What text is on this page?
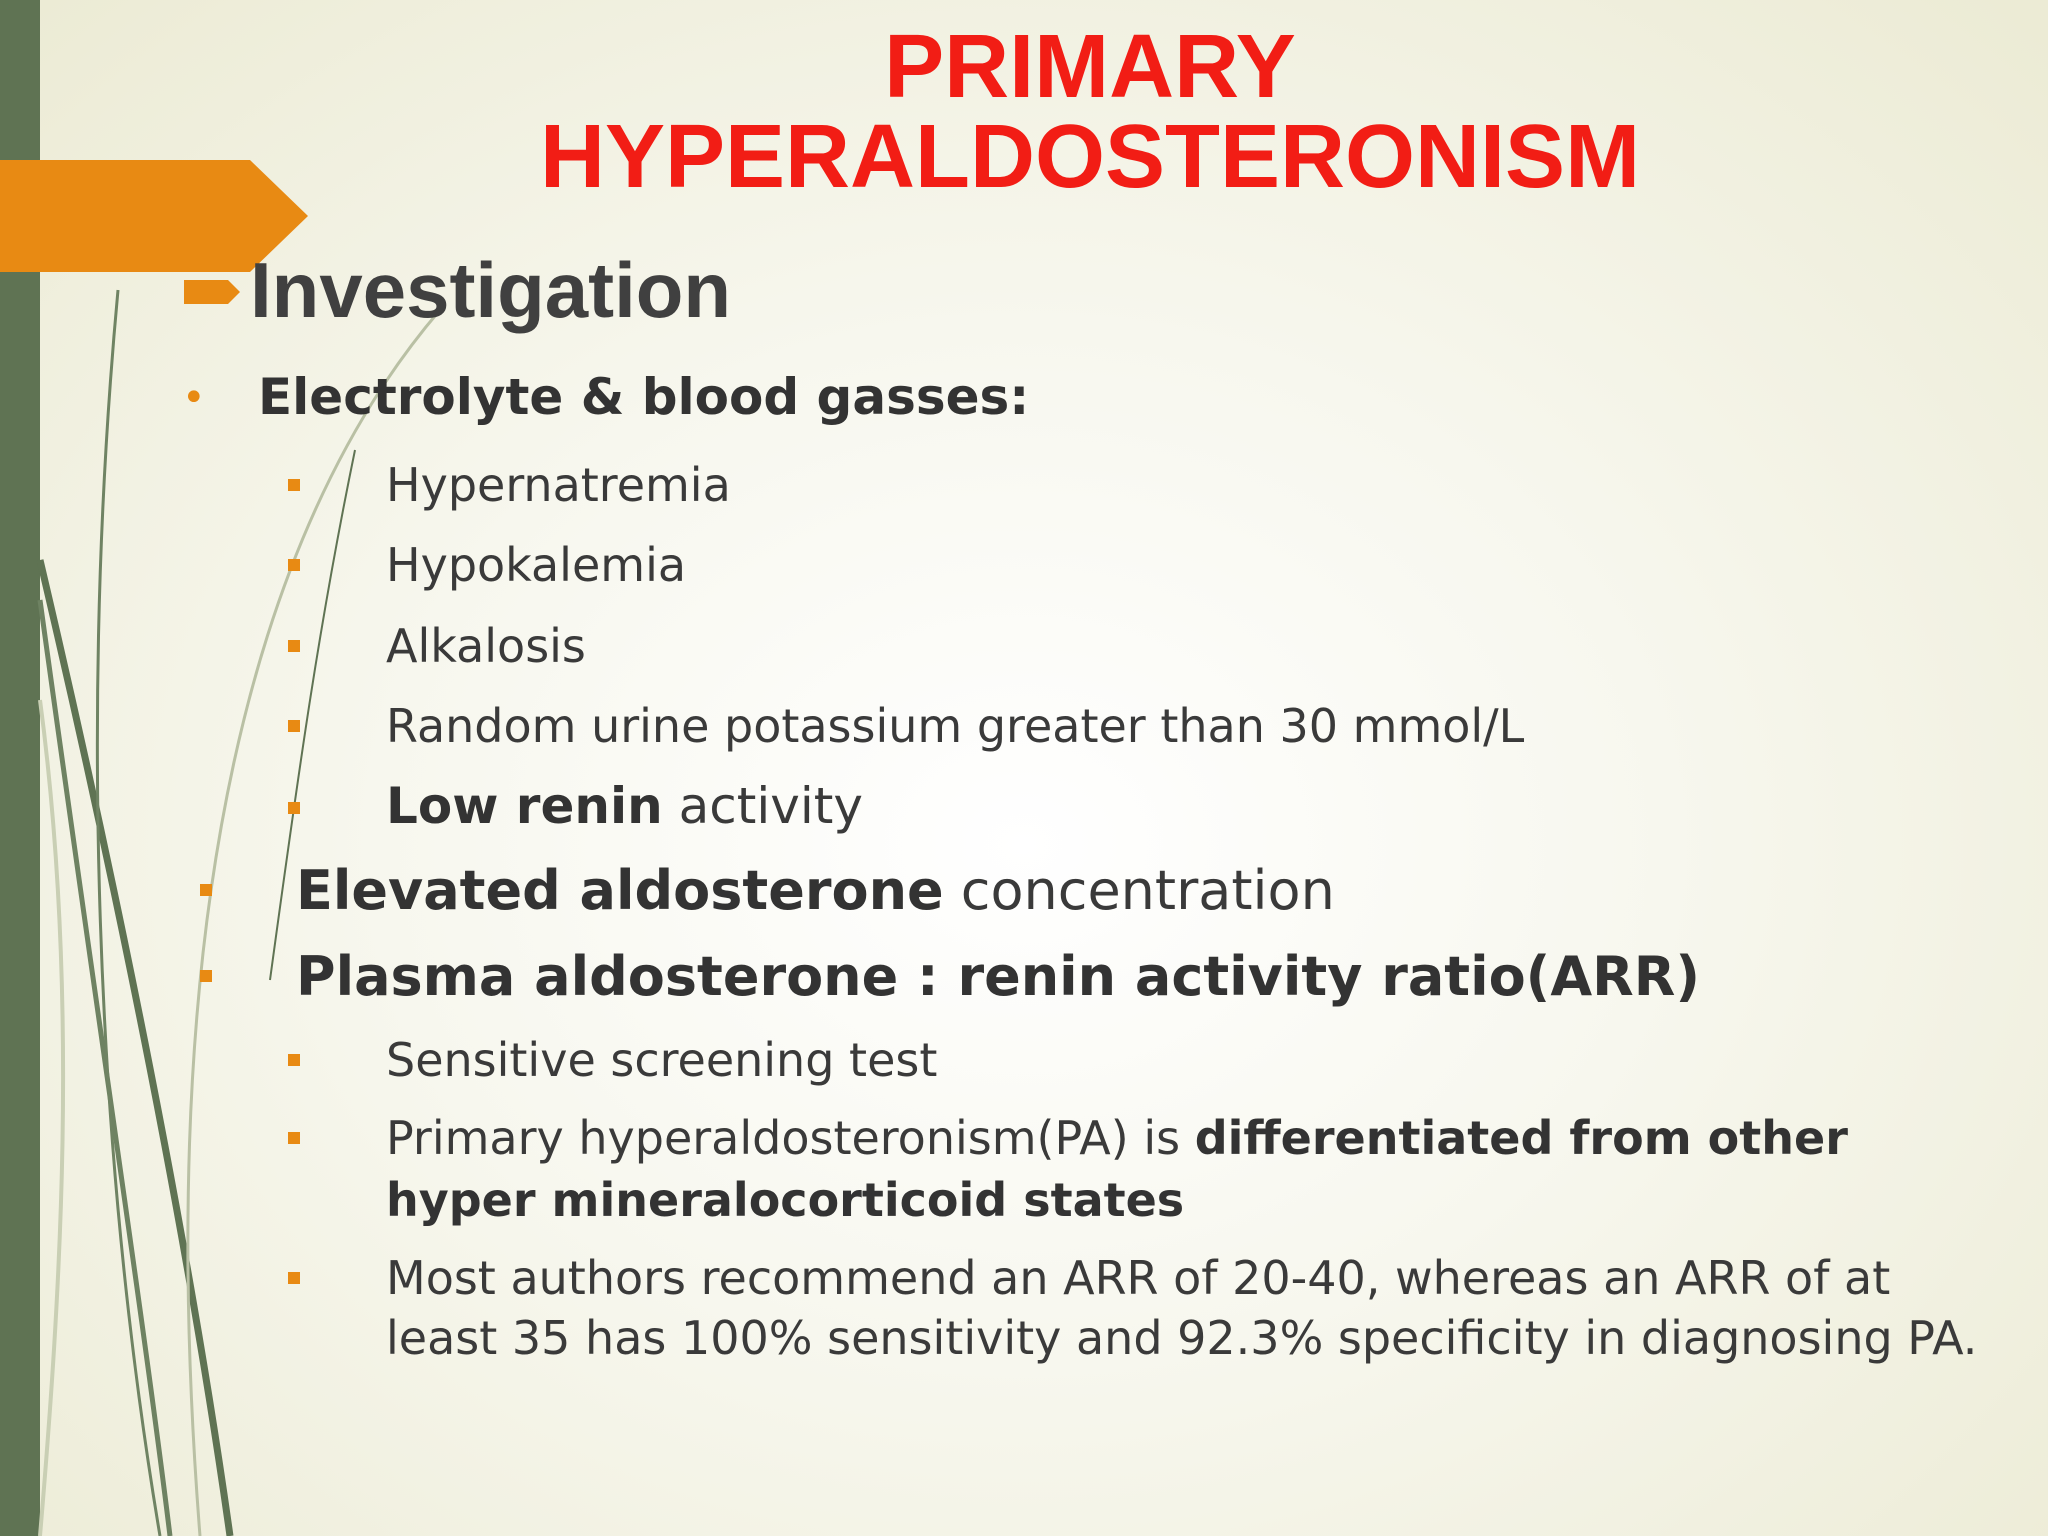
PRIMARY
HYPERALDOSTERONISM
Investigation
• Electrolyte & blood gasses:
Hypernatremia
Hypokalemia
Alkalosis
Random urine potassium greater than 30 mmol/L
Low renin activity
Elevated aldosterone concentration
Plasma aldosterone : renin activity ratio(ARR)
Sensitive screening test
Primary hyperaldosteronism(PA) is differentiated from other
hyper mineralocorticoid states
Most authors recommend an ARR of 20-40, whereas an ARR of at
least 35 has 100% sensitivity and 92.3% specificity in diagnosing PA.
